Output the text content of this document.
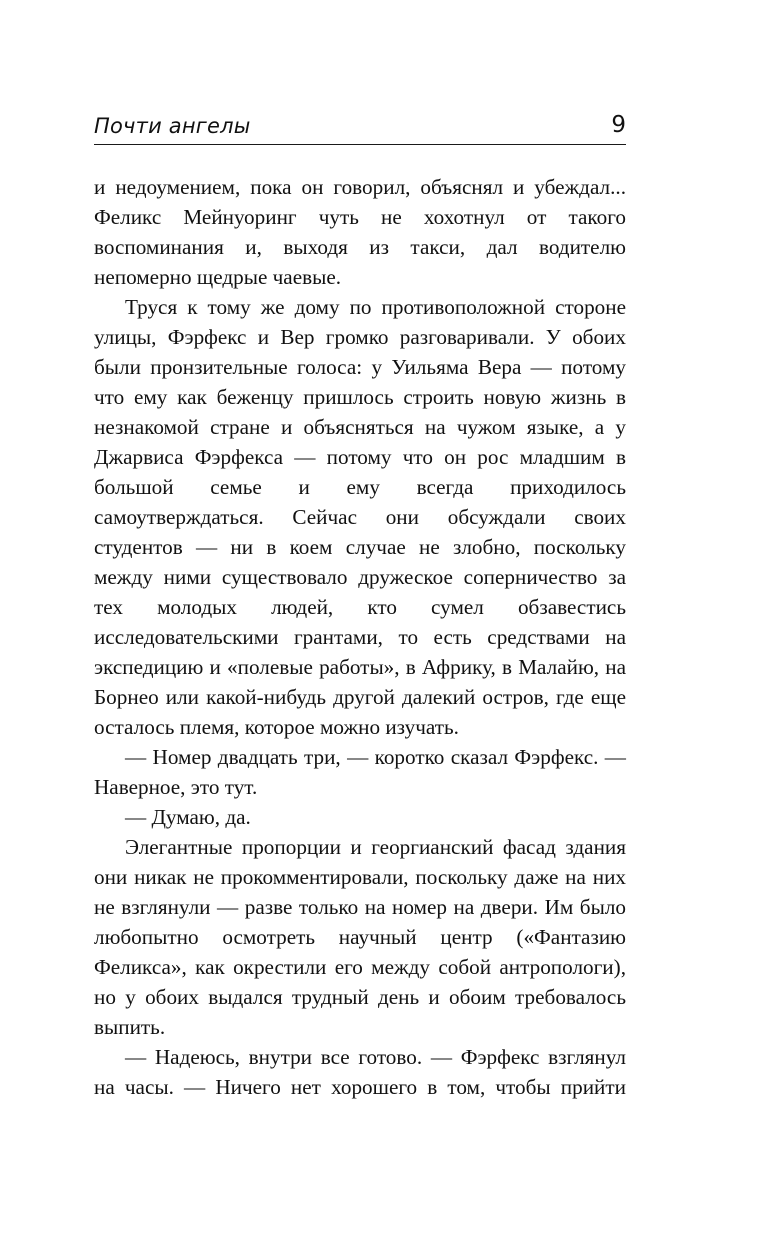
Почти ангелы	9

и недоумением, пока он говорил, объяснял и убеждал... Феликс Мейнуоринг чуть не хохотнул от такого воспоминания и, выходя из такси, дал водителю непомерно щедрые чаевые.

Труся к тому же дому по противоположной стороне улицы, Фэрфекс и Вер громко разговаривали. У обоих были пронзительные голоса: у Уильяма Вера — потому что ему как беженцу пришлось строить новую жизнь в незнакомой стране и объясняться на чужом языке, а у Джарвиса Фэрфекса — потому что он рос младшим в большой семье и ему всегда приходилось самоутверждаться. Сейчас они обсуждали своих студентов — ни в коем случае не злобно, поскольку между ними существовало дружеское соперничество за тех молодых людей, кто сумел обзавестись исследовательскими грантами, то есть средствами на экспедицию и «полевые работы», в Африку, в Малайю, на Борнео или какой-нибудь другой далекий остров, где еще осталось племя, которое можно изучать.

— Номер двадцать три, — коротко сказал Фэрфекс. — Наверное, это тут.

— Думаю, да.

Элегантные пропорции и георгианский фасад здания они никак не прокомментировали, поскольку даже на них не взглянули — разве только на номер на двери. Им было любопытно осмотреть научный центр («Фантазию Феликса», как окрестили его между собой антропологи), но у обоих выдался трудный день и обоим требовалось выпить.

— Надеюсь, внутри все готово. — Фэрфекс взглянул на часы. — Ничего нет хорошего в том, чтобы прийти
